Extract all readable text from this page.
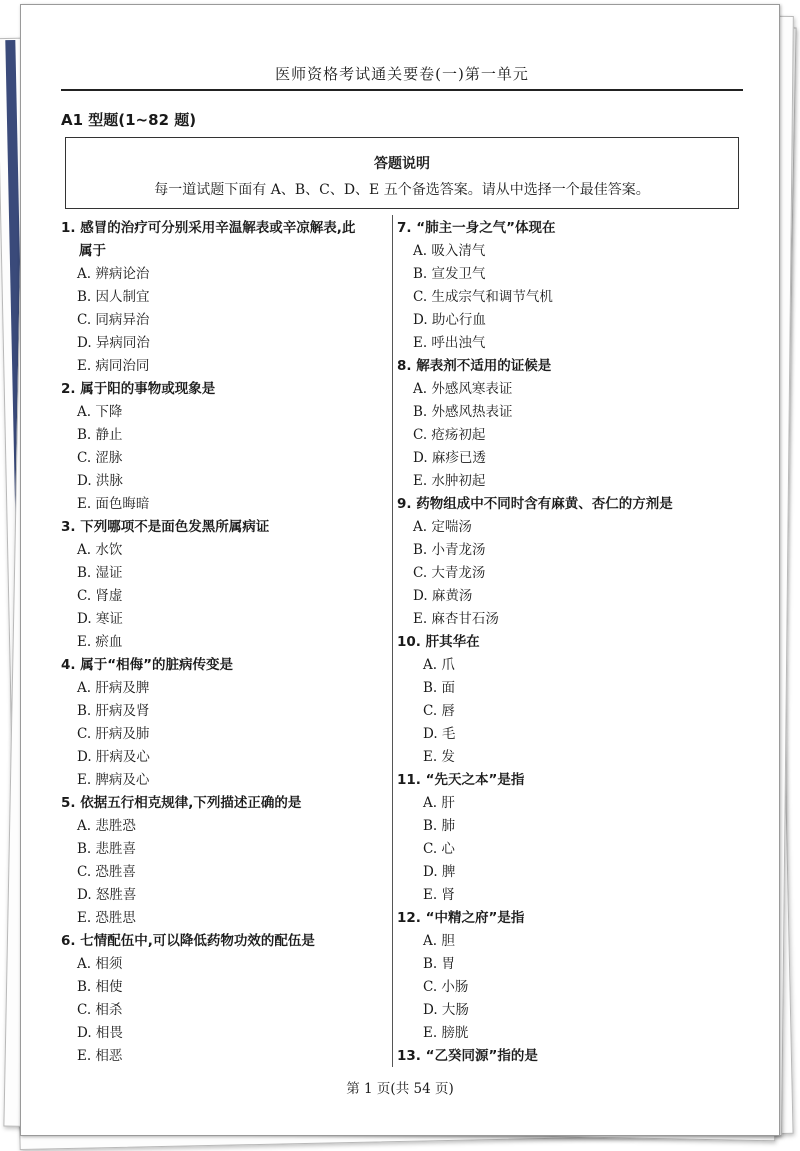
医师资格考试通关要卷(一)第一单元
A1 型题(1~82 题)
答题说明
每一道试题下面有 A、B、C、D、E 五个备选答案。请从中选择一个最佳答案。
1. 感冒的治疗可分别采用辛温解表或辛凉解表,此
属于
A. 辨病论治
B. 因人制宜
C. 同病异治
D. 异病同治
E. 病同治同
2. 属于阳的事物或现象是
A. 下降
B. 静止
C. 涩脉
D. 洪脉
E. 面色晦暗
3. 下列哪项不是面色发黑所属病证
A. 水饮
B. 湿证
C. 肾虚
D. 寒证
E. 瘀血
4. 属于“相侮”的脏病传变是
A. 肝病及脾
B. 肝病及肾
C. 肝病及肺
D. 肝病及心
E. 脾病及心
5. 依据五行相克规律,下列描述正确的是
A. 悲胜恐
B. 悲胜喜
C. 恐胜喜
D. 怒胜喜
E. 恐胜思
6. 七情配伍中,可以降低药物功效的配伍是
A. 相须
B. 相使
C. 相杀
D. 相畏
E. 相恶
7. “肺主一身之气”体现在
A. 吸入清气
B. 宣发卫气
C. 生成宗气和调节气机
D. 助心行血
E. 呼出浊气
8. 解表剂不适用的证候是
A. 外感风寒表证
B. 外感风热表证
C. 疮疡初起
D. 麻疹已透
E. 水肿初起
9. 药物组成中不同时含有麻黄、杏仁的方剂是
A. 定喘汤
B. 小青龙汤
C. 大青龙汤
D. 麻黄汤
E. 麻杏甘石汤
10. 肝其华在
A. 爪
B. 面
C. 唇
D. 毛
E. 发
11. “先天之本”是指
A. 肝
B. 肺
C. 心
D. 脾
E. 肾
12. “中精之府”是指
A. 胆
B. 胃
C. 小肠
D. 大肠
E. 膀胱
13. “乙癸同源”指的是
第 1 页(共 54 页)
